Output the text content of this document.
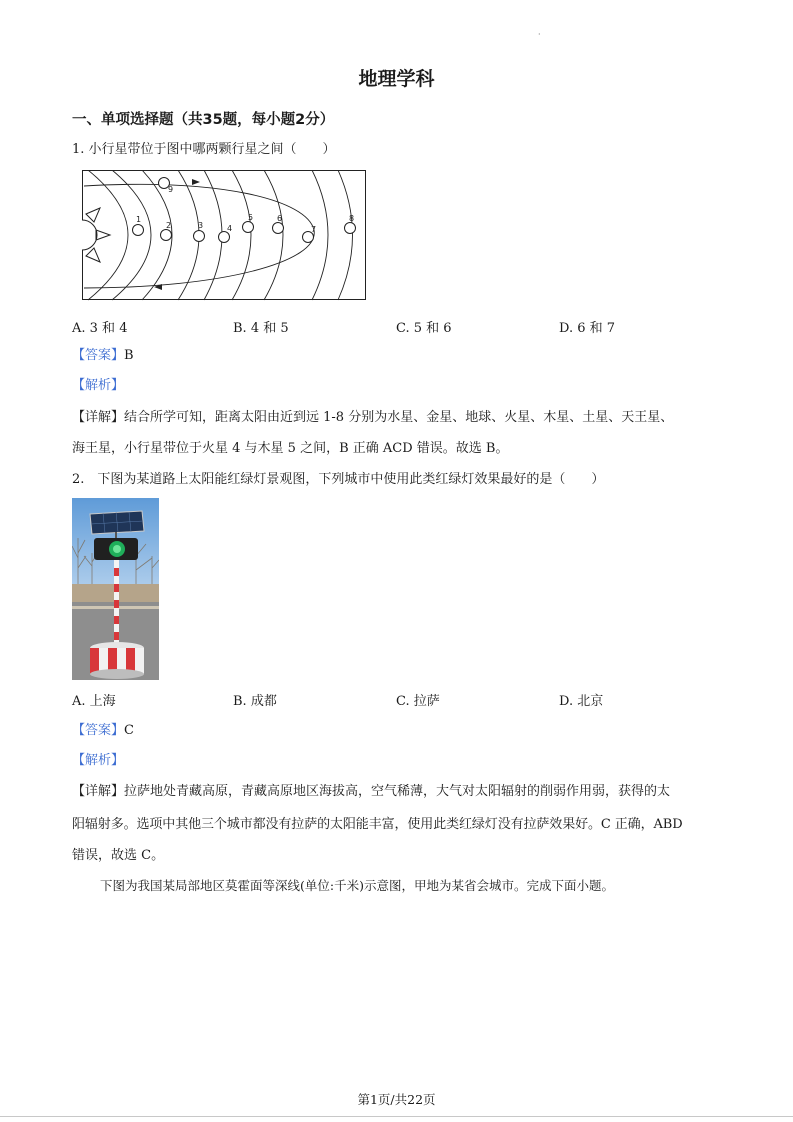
·
地理学科
一、单项选择题（共35题，每小题2分）
1. 小行星带位于图中哪两颗行星之间（　　）
1
2	3	4
5	6
7
8
9
A. 3 和 4	B. 4 和 5	C. 5 和 6	D. 6 和 7
【答案】B
【解析】
【详解】结合所学可知，距离太阳由近到远 1-8 分别为水星、金星、地球、火星、木星、土星、天王星、
海王星，小行星带位于火星 4 与木星 5 之间，B 正确 ACD 错误。故选 B。
2.　下图为某道路上太阳能红绿灯景观图，下列城市中使用此类红绿灯效果最好的是（　　）
A. 上海	B. 成都	C. 拉萨	D. 北京
【答案】C
【解析】
【详解】拉萨地处青藏高原，青藏高原地区海拔高，空气稀薄，大气对太阳辐射的削弱作用弱，获得的太
阳辐射多。选项中其他三个城市都没有拉萨的太阳能丰富，使用此类红绿灯没有拉萨效果好。C 正确，ABD
错误，故选 C。
下图为我国某局部地区莫霍面等深线(单位:千米)示意图，甲地为某省会城市。完成下面小题。
第1页/共22页
